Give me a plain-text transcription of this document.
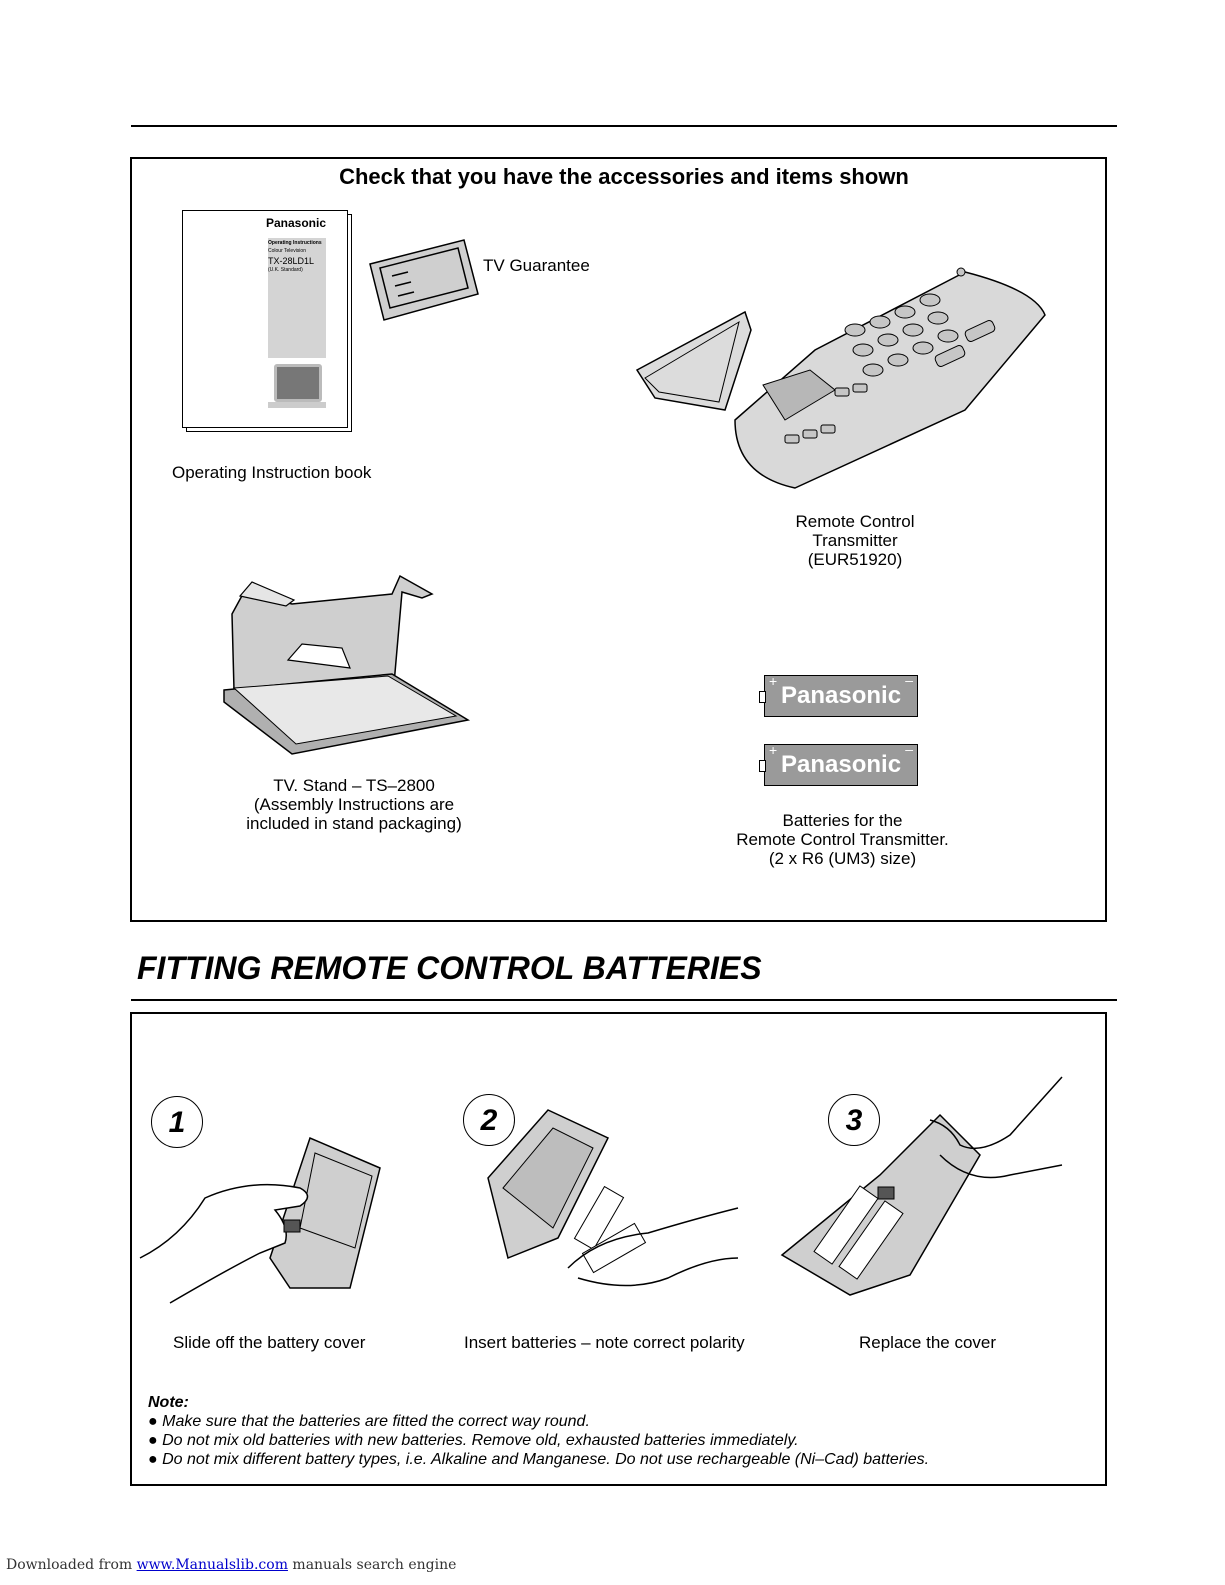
Check that you have the accessories and items shown
Panasonic
Operating Instructions
Colour Television
TX-28LD1L
(U.K. Standard)
Operating Instruction book
TV Guarantee
Remote Control
Transmitter
(EUR51920)
TV. Stand – TS–2800
(Assembly Instructions are
included in stand packaging)
+	–
Panasonic
+	–
Panasonic
Batteries for the
Remote Control Transmitter.
(2 x R6 (UM3) size)
FITTING REMOTE CONTROL BATTERIES
1
Slide off the battery cover
2
Insert batteries – note correct polarity
3
Replace the cover
Note:
● Make sure that the batteries are fitted the correct way round.
● Do not mix old batteries with new batteries. Remove old, exhausted batteries immediately.
● Do not mix different battery types, i.e. Alkaline and Manganese. Do not use rechargeable (Ni–Cad) batteries.
Downloaded from www.Manualslib.com manuals search engine
